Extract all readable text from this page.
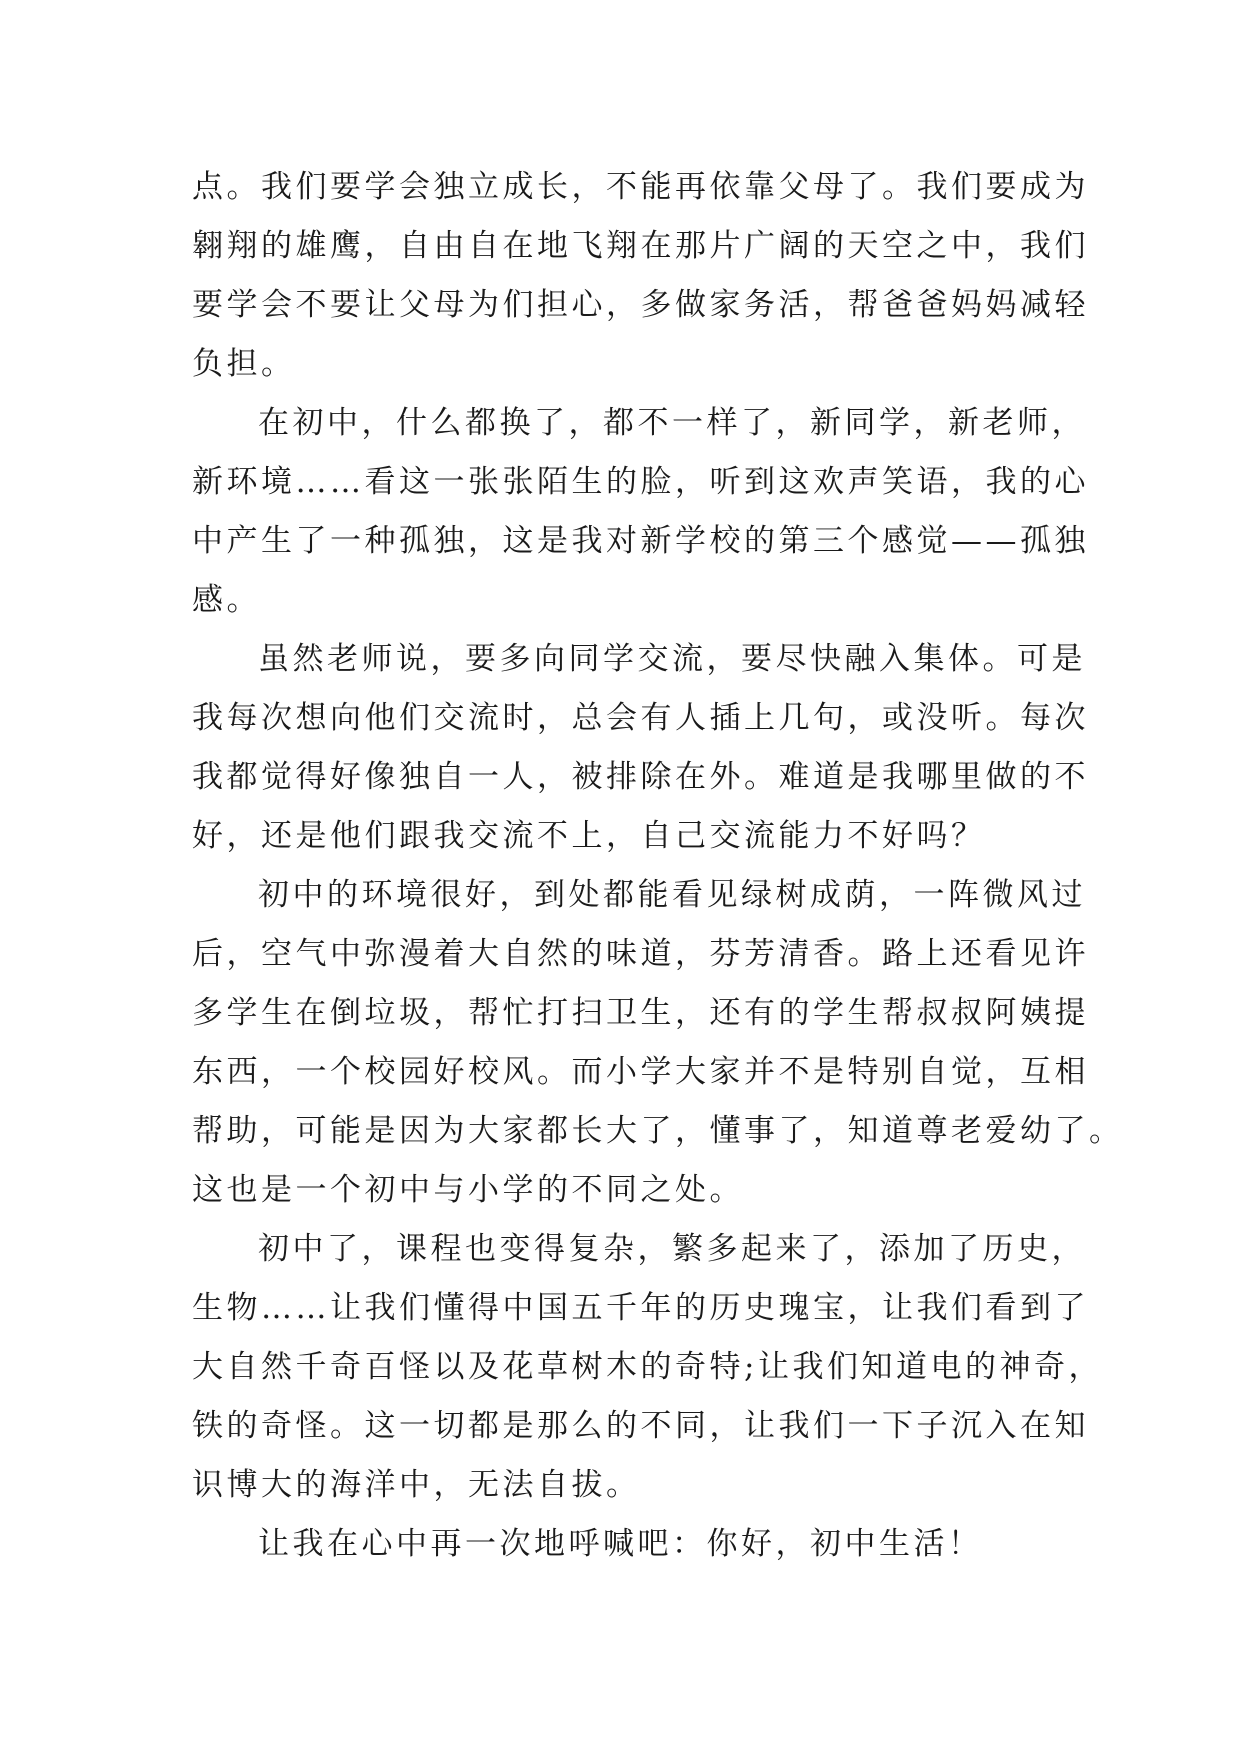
点。我们要学会独立成长，不能再依靠父母了。我们要成为
翱翔的雄鹰，自由自在地飞翔在那片广阔的天空之中，我们
要学会不要让父母为们担心，多做家务活，帮爸爸妈妈减轻
负担。
在初中，什么都换了，都不一样了，新同学，新老师，
新环境……看这一张张陌生的脸，听到这欢声笑语，我的心
中产生了一种孤独，这是我对新学校的第三个感觉——孤独
感。
虽然老师说，要多向同学交流，要尽快融入集体。可是
我每次想向他们交流时，总会有人插上几句，或没听。每次
我都觉得好像独自一人，被排除在外。难道是我哪里做的不
好，还是他们跟我交流不上，自己交流能力不好吗？
初中的环境很好，到处都能看见绿树成荫，一阵微风过
后，空气中弥漫着大自然的味道，芬芳清香。路上还看见许
多学生在倒垃圾，帮忙打扫卫生，还有的学生帮叔叔阿姨提
东西，一个校园好校风。而小学大家并不是特别自觉，互相
帮助，可能是因为大家都长大了，懂事了，知道尊老爱幼了。
这也是一个初中与小学的不同之处。
初中了，课程也变得复杂，繁多起来了，添加了历史，
生物……让我们懂得中国五千年的历史瑰宝，让我们看到了
大自然千奇百怪以及花草树木的奇特;让我们知道电的神奇，
铁的奇怪。这一切都是那么的不同，让我们一下子沉入在知
识博大的海洋中，无法自拔。
让我在心中再一次地呼喊吧：你好，初中生活！
